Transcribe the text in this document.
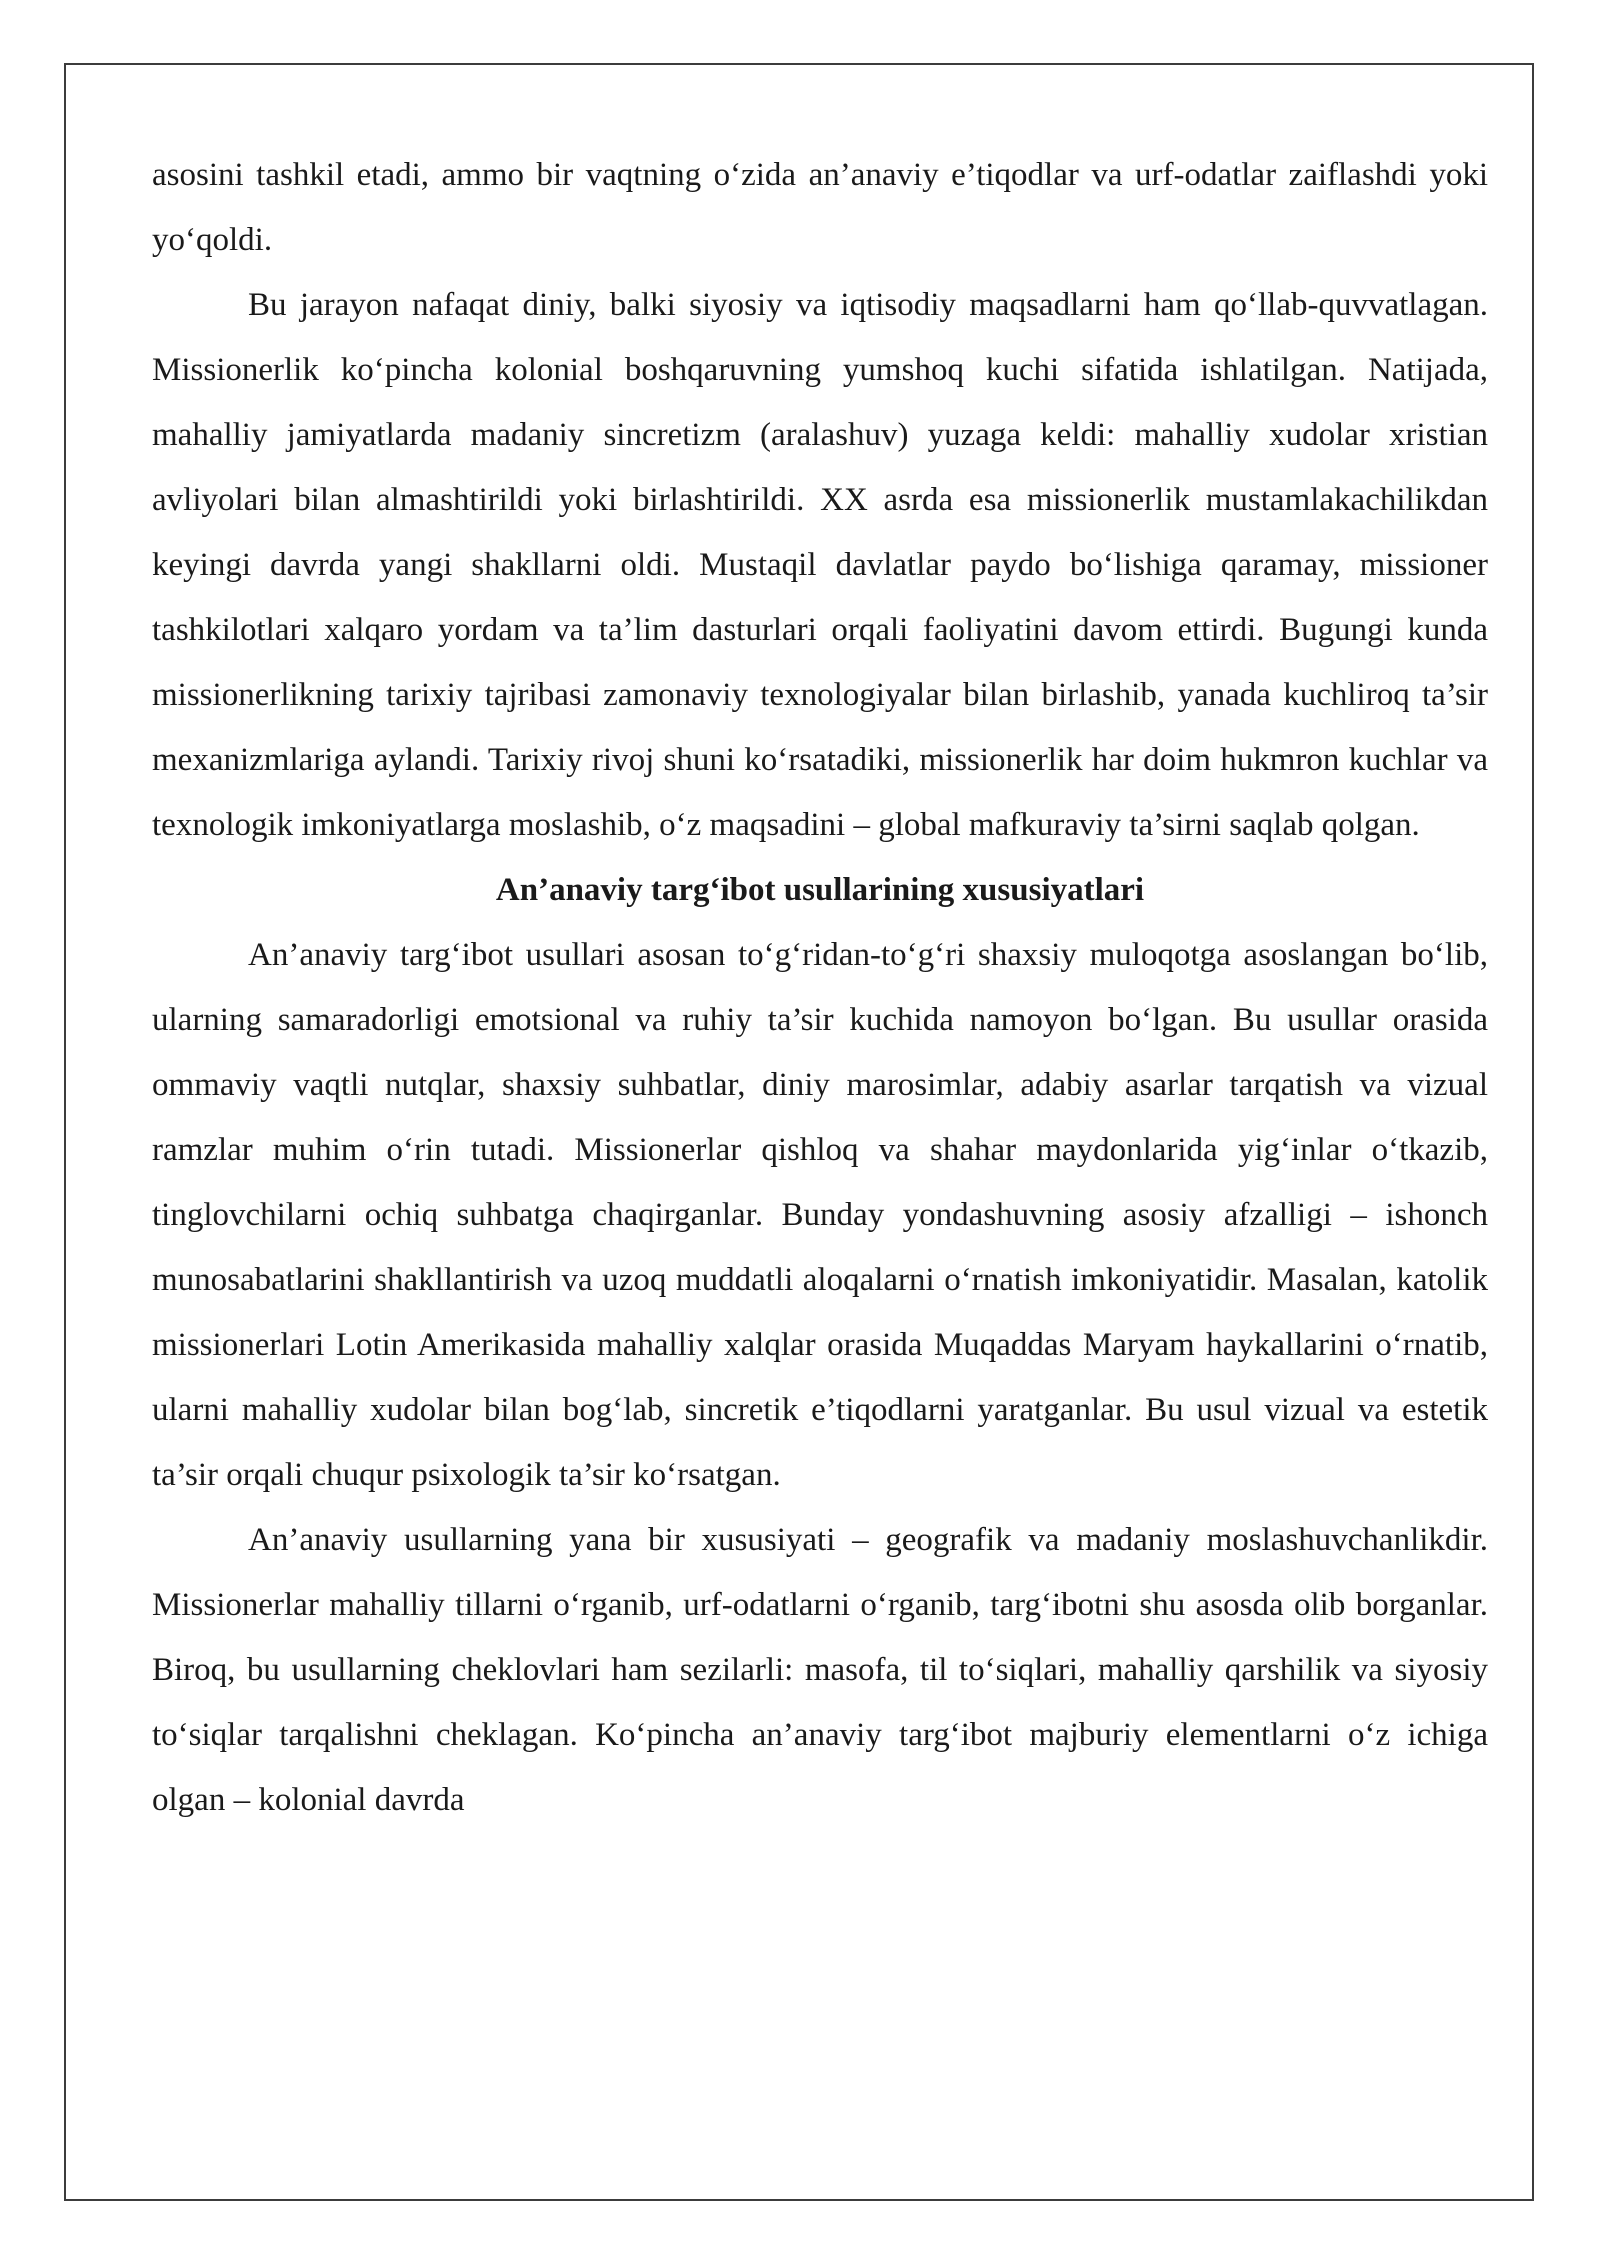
asosini tashkil etadi, ammo bir vaqtning o‘zida an’anaviy e’tiqodlar va urf-odatlar zaiflashdi yoki yo‘qoldi.

Bu jarayon nafaqat diniy, balki siyosiy va iqtisodiy maqsadlarni ham qo‘llab-quvvatlagan. Missionerlik ko‘pincha kolonial boshqaruvning yumshoq kuchi sifatida ishlatilgan. Natijada, mahalliy jamiyatlarda madaniy sincretizm (aralashuv) yuzaga keldi: mahalliy xudolar xristian avliyolari bilan almashtirildi yoki birlashtirildi. XX asrda esa missionerlik mustamlakachilikdan keyingi davrda yangi shakllarni oldi. Mustaqil davlatlar paydo bo‘lishiga qaramay, missioner tashkilotlari xalqaro yordam va ta’lim dasturlari orqali faoliyatini davom ettirdi. Bugungi kunda missionerlikning tarixiy tajribasi zamonaviy texnologiyalar bilan birlashib, yanada kuchliroq ta’sir mexanizmlariga aylandi. Tarixiy rivoj shuni ko‘rsatadiki, missionerlik har doim hukmron kuchlar va texnologik imkoniyatlarga moslashib, o‘z maqsadini – global mafkuraviy ta’sirni saqlab qolgan.

An’anaviy targ‘ibot usullarining xususiyatlari

An’anaviy targ‘ibot usullari asosan to‘g‘ridan-to‘g‘ri shaxsiy muloqotga asoslangan bo‘lib, ularning samaradorligi emotsional va ruhiy ta’sir kuchida namoyon bo‘lgan. Bu usullar orasida ommaviy vaqtli nutqlar, shaxsiy suhbatlar, diniy marosimlar, adabiy asarlar tarqatish va vizual ramzlar muhim o‘rin tutadi. Missionerlar qishloq va shahar maydonlarida yig‘inlar o‘tkazib, tinglovchilarni ochiq suhbatga chaqirganlar. Bunday yondashuvning asosiy afzalligi – ishonch munosabatlarini shakllantirish va uzoq muddatli aloqalarni o‘rnatish imkoniyatidir. Masalan, katolik missionerlari Lotin Amerikasida mahalliy xalqlar orasida Muqaddas Maryam haykallarini o‘rnatib, ularni mahalliy xudolar bilan bog‘lab, sincretik e’tiqodlarni yaratganlar. Bu usul vizual va estetik ta’sir orqali chuqur psixologik ta’sir ko‘rsatgan.

An’anaviy usullarning yana bir xususiyati – geografik va madaniy moslashuvchanlikdir. Missionerlar mahalliy tillarni o‘rganib, urf-odatlarni o‘rganib, targ‘ibotni shu asosda olib borganlar. Biroq, bu usullarning cheklovlari ham sezilarli: masofa, til to‘siqlari, mahalliy qarshilik va siyosiy to‘siqlar tarqalishni cheklagan. Ko‘pincha an’anaviy targ‘ibot majburiy elementlarni o‘z ichiga olgan – kolonial davrda
